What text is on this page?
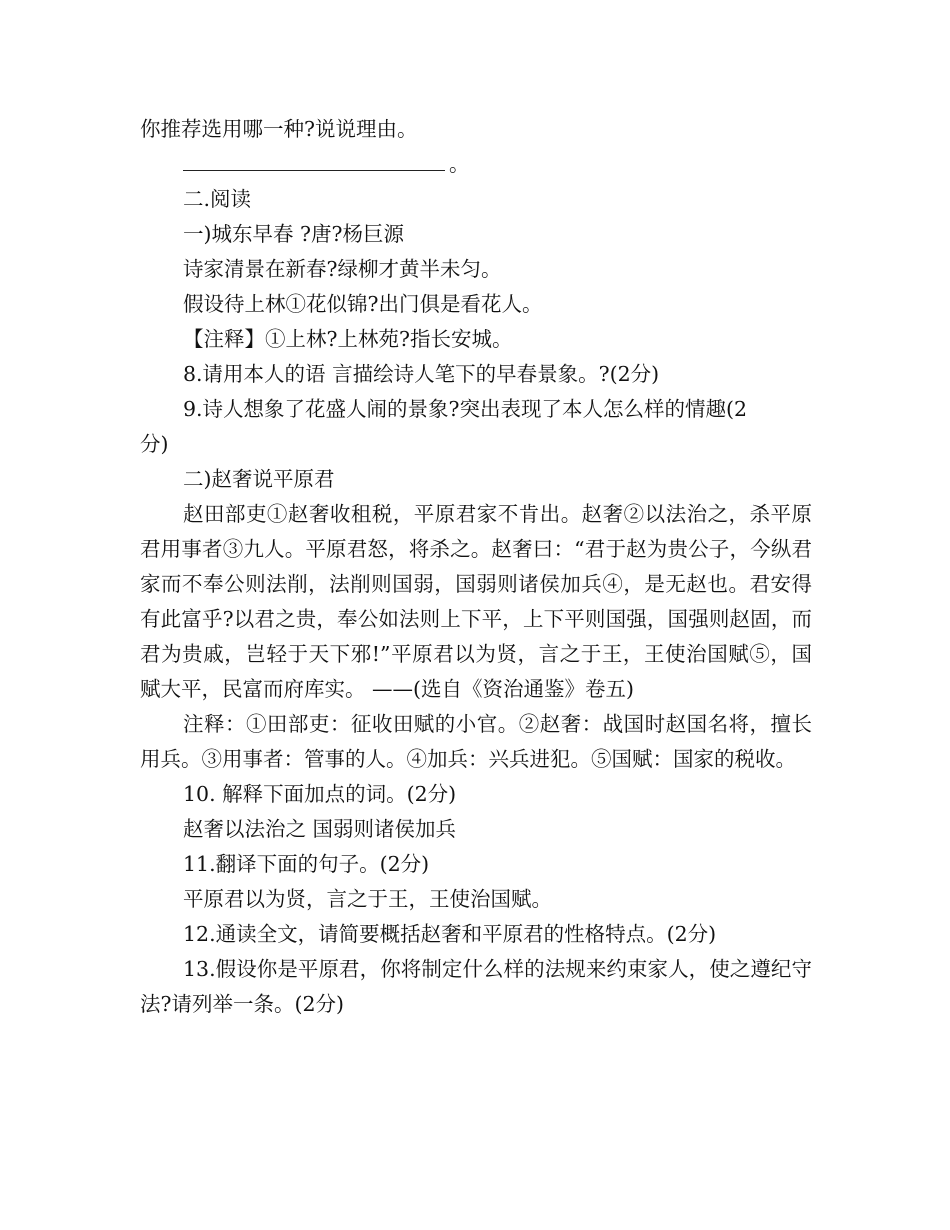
你推荐选用哪一种?说说理由。

。

二.阅读

一)城东早春 ?唐?杨巨源

诗家清景在新春?绿柳才黄半未匀。

假设待上林①花似锦?出门俱是看花人。

【注释】①上林?上林苑?指长安城。

8.请用本人的语 言描绘诗人笔下的早春景象。?(2分)

9.诗人想象了花盛人闹的景象?突出表现了本人怎么样的情趣(2

分)

二)赵奢说平原君

赵田部吏①赵奢收租税，平原君家不肯出。赵奢②以法治之，杀平原君用事者③九人。平原君怒，将杀之。赵奢曰：“君于赵为贵公子，今纵君家而不奉公则法削，法削则国弱，国弱则诸侯加兵④，是无赵也。君安得有此富乎?以君之贵，奉公如法则上下平，上下平则国强，国强则赵固，而君为贵戚，岂轻于天下邪!”平原君以为贤，言之于王，王使治国赋⑤，国赋大平，民富而府库实。 ——(选自《资治通鉴》卷五)

注释：①田部吏：征收田赋的小官。②赵奢：战国时赵国名将，擅长用兵。③用事者：管事的人。④加兵：兴兵进犯。⑤国赋：国家的税收。

10. 解释下面加点的词。(2分)

赵奢以法治之 国弱则诸侯加兵

11.翻译下面的句子。(2分)

平原君以为贤，言之于王，王使治国赋。

12.通读全文，请简要概括赵奢和平原君的性格特点。(2分)

13.假设你是平原君，你将制定什么样的法规来约束家人，使之遵纪守法?请列举一条。(2分)
